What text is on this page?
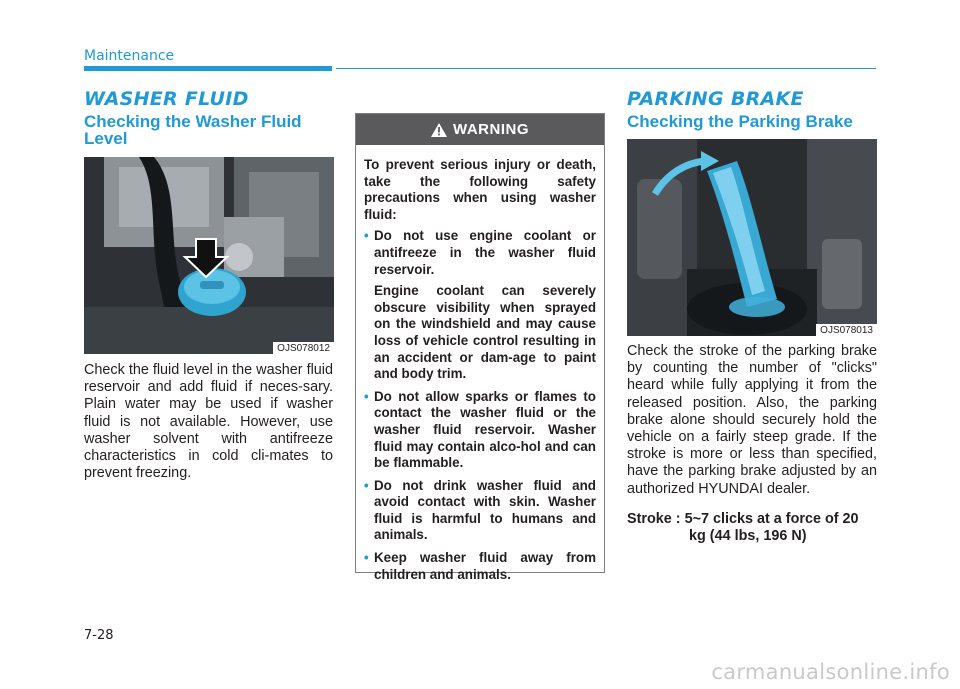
Maintenance
WASHER FLUID
Checking the Washer Fluid Level
OJS078012

Check the fluid level in the washer fluid reservoir and add fluid if neces-sary. Plain water may be used if washer fluid is not available. However, use washer solvent with antifreeze characteristics in cold cli-mates to prevent freezing.

WARNING

To prevent serious injury or death, take the following safety precautions when using washer fluid:

• Do not use engine coolant or antifreeze in the washer fluid reservoir.
Engine coolant can severely obscure visibility when sprayed on the windshield and may cause loss of vehicle control resulting in an accident or dam-age to paint and body trim.
• Do not allow sparks or flames to contact the washer fluid or the washer fluid reservoir. Washer fluid may contain alco-hol and can be flammable.
• Do not drink washer fluid and avoid contact with skin. Washer fluid is harmful to humans and animals.
• Keep washer fluid away from children and animals.
PARKING BRAKE
Checking the Parking Brake
OJS078013

Check the stroke of the parking brake by counting the number of "clicks" heard while fully applying it from the released position. Also, the parking brake alone should securely hold the vehicle on a fairly steep grade. If the stroke is more or less than specified, have the parking brake adjusted by an authorized HYUNDAI dealer.

Stroke : 5~7 clicks at a force of 20
kg (44 lbs, 196 N)
7-28
carmanualsonline.info
